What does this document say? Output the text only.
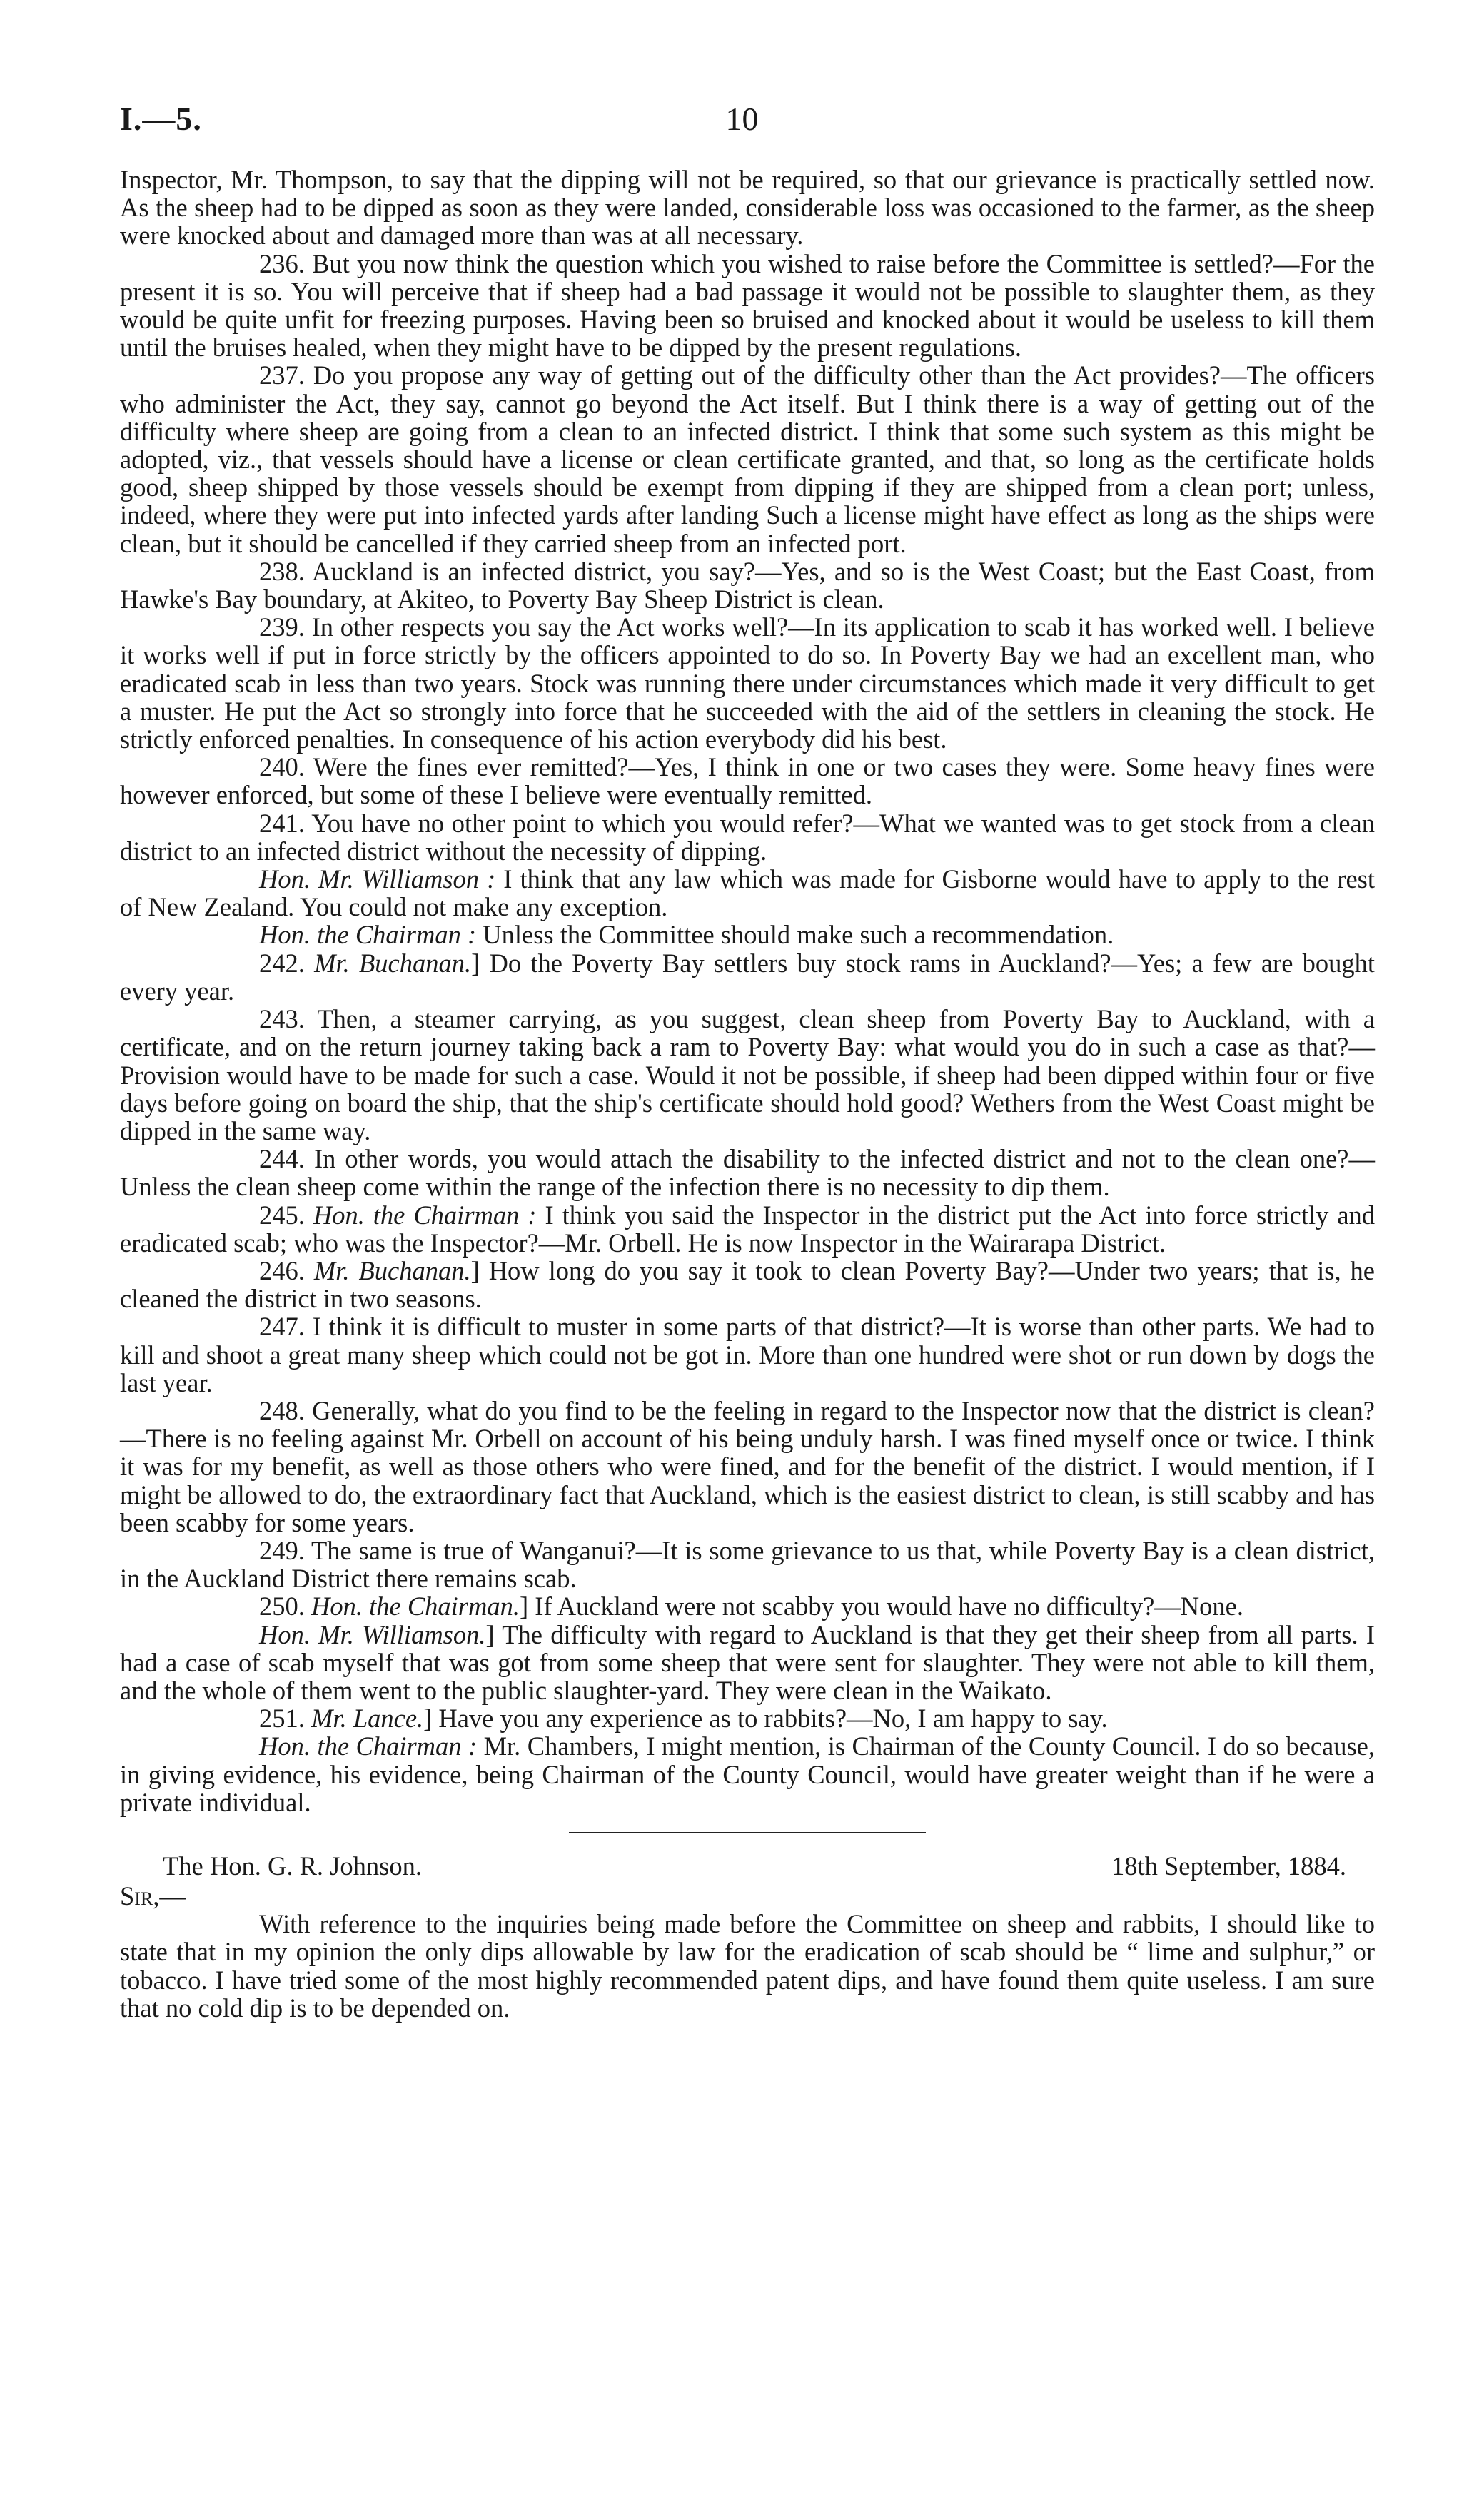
I.—5.	10

Inspector, Mr. Thompson, to say that the dipping will not be required, so that our grievance is practically settled now. As the sheep had to be dipped as soon as they were landed, considerable loss was occasioned to the farmer, as the sheep were knocked about and damaged more than was at all necessary.

236. But you now think the question which you wished to raise before the Committee is settled?—For the present it is so. You will perceive that if sheep had a bad passage it would not be possible to slaughter them, as they would be quite unfit for freezing purposes. Having been so bruised and knocked about it would be useless to kill them until the bruises healed, when they might have to be dipped by the present regulations.

237. Do you propose any way of getting out of the difficulty other than the Act provides?—The officers who administer the Act, they say, cannot go beyond the Act itself. But I think there is a way of getting out of the difficulty where sheep are going from a clean to an infected district. I think that some such system as this might be adopted, viz., that vessels should have a license or clean certificate granted, and that, so long as the certificate holds good, sheep shipped by those vessels should be exempt from dipping if they are shipped from a clean port; unless, indeed, where they were put into infected yards after landing Such a license might have effect as long as the ships were clean, but it should be cancelled if they carried sheep from an infected port.

238. Auckland is an infected district, you say?—Yes, and so is the West Coast; but the East Coast, from Hawke's Bay boundary, at Akiteo, to Poverty Bay Sheep District is clean.

239. In other respects you say the Act works well?—In its application to scab it has worked well. I believe it works well if put in force strictly by the officers appointed to do so. In Poverty Bay we had an excellent man, who eradicated scab in less than two years. Stock was running there under circumstances which made it very difficult to get a muster. He put the Act so strongly into force that he succeeded with the aid of the settlers in cleaning the stock. He strictly enforced penalties. In consequence of his action everybody did his best.

240. Were the fines ever remitted?—Yes, I think in one or two cases they were. Some heavy fines were however enforced, but some of these I believe were eventually remitted.

241. You have no other point to which you would refer?—What we wanted was to get stock from a clean district to an infected district without the necessity of dipping.

Hon. Mr. Williamson : I think that any law which was made for Gisborne would have to apply to the rest of New Zealand. You could not make any exception.

Hon. the Chairman : Unless the Committee should make such a recommendation.

242. Mr. Buchanan.] Do the Poverty Bay settlers buy stock rams in Auckland?—Yes; a few are bought every year.

243. Then, a steamer carrying, as you suggest, clean sheep from Poverty Bay to Auckland, with a certificate, and on the return journey taking back a ram to Poverty Bay: what would you do in such a case as that?—Provision would have to be made for such a case. Would it not be possible, if sheep had been dipped within four or five days before going on board the ship, that the ship's certificate should hold good? Wethers from the West Coast might be dipped in the same way.

244. In other words, you would attach the disability to the infected district and not to the clean one?—Unless the clean sheep come within the range of the infection there is no necessity to dip them.

245. Hon. the Chairman : I think you said the Inspector in the district put the Act into force strictly and eradicated scab; who was the Inspector?—Mr. Orbell. He is now Inspector in the Wairarapa District.

246. Mr. Buchanan.] How long do you say it took to clean Poverty Bay?—Under two years; that is, he cleaned the district in two seasons.

247. I think it is difficult to muster in some parts of that district?—It is worse than other parts. We had to kill and shoot a great many sheep which could not be got in. More than one hundred were shot or run down by dogs the last year.

248. Generally, what do you find to be the feeling in regard to the Inspector now that the district is clean?—There is no feeling against Mr. Orbell on account of his being unduly harsh. I was fined myself once or twice. I think it was for my benefit, as well as those others who were fined, and for the benefit of the district. I would mention, if I might be allowed to do, the extraordinary fact that Auckland, which is the easiest district to clean, is still scabby and has been scabby for some years.

249. The same is true of Wanganui?—It is some grievance to us that, while Poverty Bay is a clean district, in the Auckland District there remains scab.

250. Hon. the Chairman.] If Auckland were not scabby you would have no difficulty?—None.

Hon. Mr. Williamson.] The difficulty with regard to Auckland is that they get their sheep from all parts. I had a case of scab myself that was got from some sheep that were sent for slaughter. They were not able to kill them, and the whole of them went to the public slaughter-yard. They were clean in the Waikato.

251. Mr. Lance.] Have you any experience as to rabbits?—No, I am happy to say.

Hon. the Chairman : Mr. Chambers, I might mention, is Chairman of the County Council. I do so because, in giving evidence, his evidence, being Chairman of the County Council, would have greater weight than if he were a private individual.

The Hon. G. R. Johnson.	18th September, 1884.

Sir,—

With reference to the inquiries being made before the Committee on sheep and rabbits, I should like to state that in my opinion the only dips allowable by law for the eradication of scab should be “ lime and sulphur,” or tobacco. I have tried some of the most highly recommended patent dips, and have found them quite useless. I am sure that no cold dip is to be depended on.
